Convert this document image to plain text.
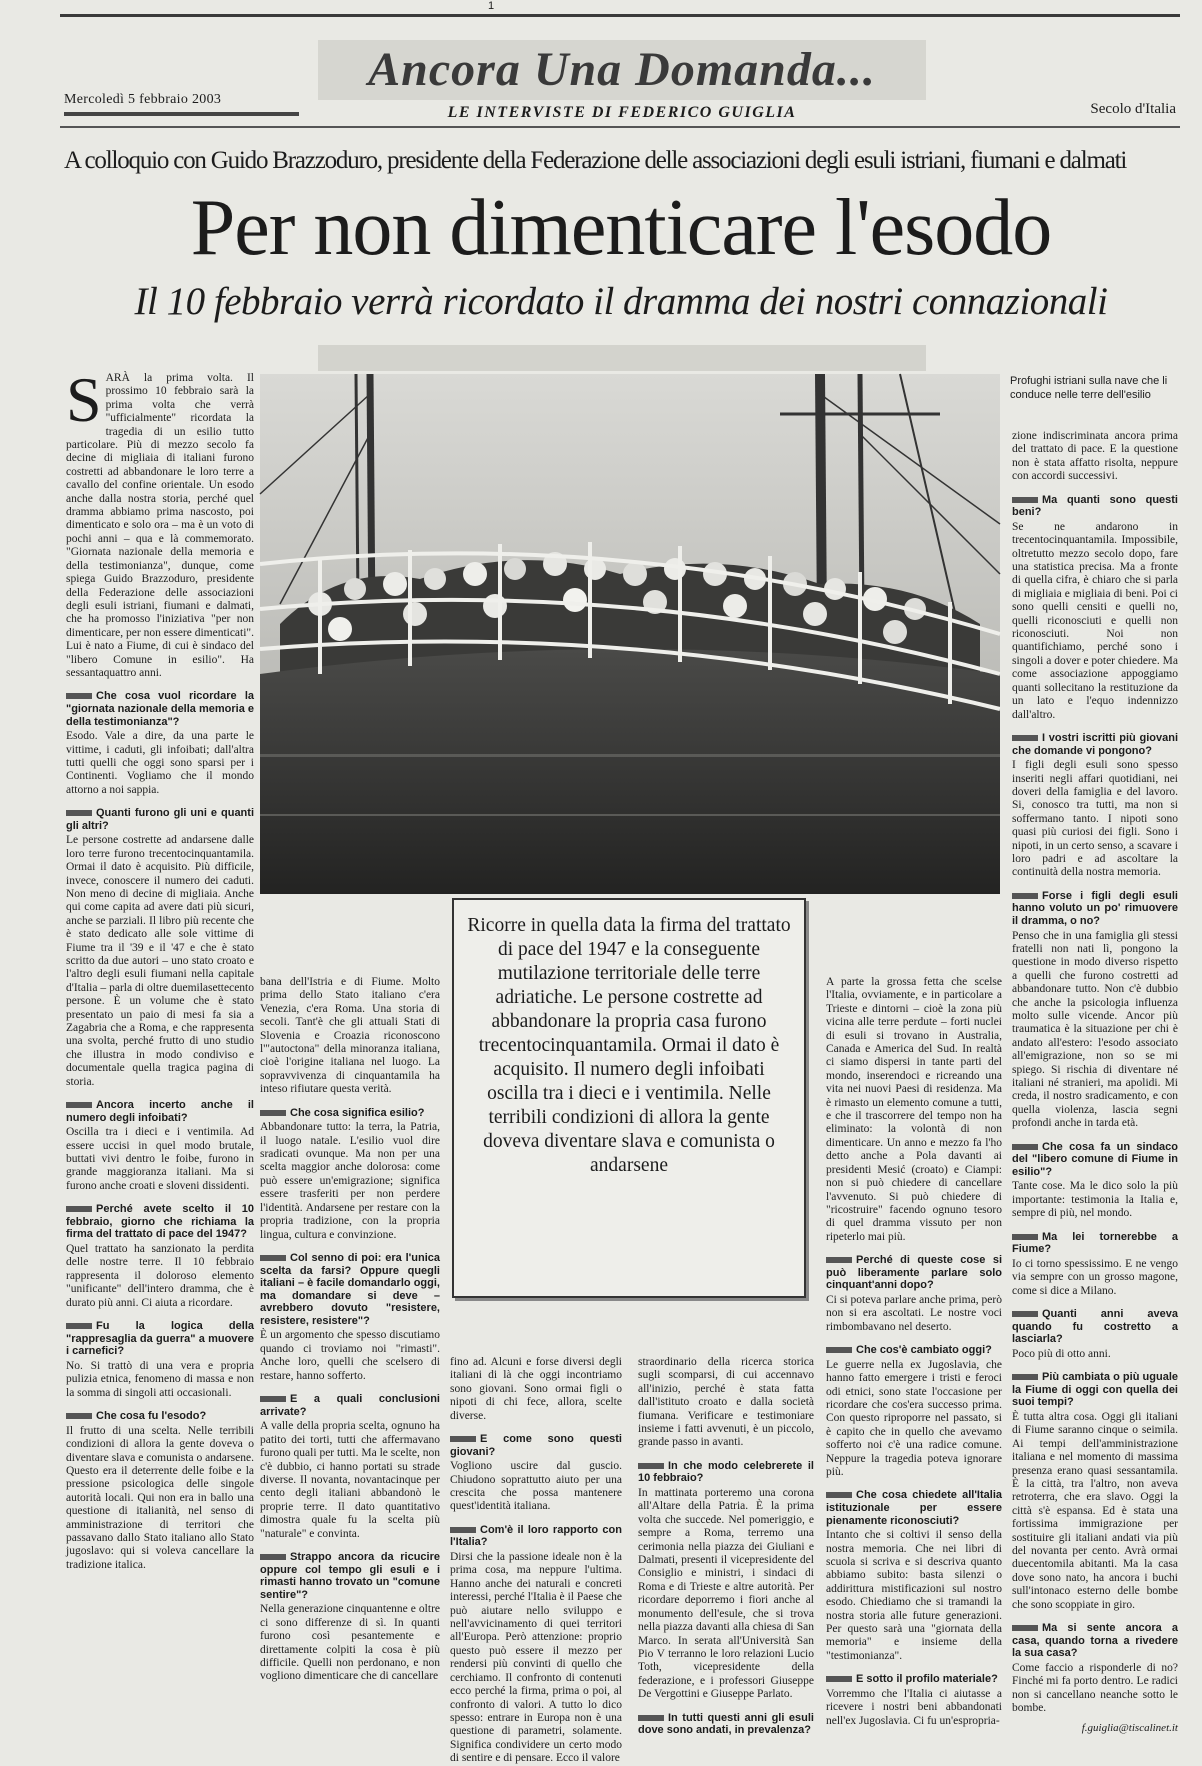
1
Mercoledì 5 febbraio 2003
Ancora Una Domanda...
LE INTERVISTE DI FEDERICO GUIGLIA	Secolo d'Italia
A colloquio con Guido Brazzoduro, presidente della Federazione delle associazioni degli esuli istriani, fiumani e dalmati
Per non dimenticare l'esodo
Il 10 febbraio verrà ricordato il dramma dei nostri connazionali
Profughi istriani sulla nave che li conduce nelle terre dell'esilio
Ricorre in quella data la firma del trattato di pace del 1947 e la conseguente mutilazione territoriale delle terre adriatiche. Le persone costrette ad abbandonare la propria casa furono trecentocinquantamila. Ormai il dato è acquisito. Il numero degli infoibati oscilla tra i dieci e i ventimila. Nelle terribili condizioni di allora la gente doveva diventare slava e comunista o andarsene
S ARÀ la prima volta. Il prossimo 10 febbraio sarà la prima volta che verrà "ufficialmente" ricordata la tragedia di un esilio tutto particolare. Più di mezzo secolo fa decine di migliaia di italiani furono costretti ad abbandonare le loro terre a cavallo del confine orientale. Un esodo anche dalla nostra storia, perché quel dramma abbiamo prima nascosto, poi dimenticato e solo ora – ma è un voto di pochi anni – qua e là commemorato. "Giornata nazionale della memoria e della testimonianza", dunque, come spiega Guido Brazzoduro, presidente della Federazione delle associazioni degli esuli istriani, fiumani e dalmati, che ha promosso l'iniziativa "per non dimenticare, per non essere dimenticati". Lui è nato a Fiume, di cui è sindaco del "libero Comune in esilio". Ha sessantaquattro anni.

Che cosa vuol ricordare la "giornata nazionale della memoria e della testimonianza"?

Esodo. Vale a dire, da una parte le vittime, i caduti, gli infoibati; dall'altra tutti quelli che oggi sono sparsi per i Continenti. Vogliamo che il mondo attorno a noi sappia.

Quanti furono gli uni e quanti gli altri?

Le persone costrette ad andarsene dalle loro terre furono trecentocinquantamila. Ormai il dato è acquisito. Più difficile, invece, conoscere il numero dei caduti. Non meno di decine di migliaia. Anche qui come capita ad avere dati più sicuri, anche se parziali. Il libro più recente che è stato dedicato alle sole vittime di Fiume tra il '39 e il '47 e che è stato scritto da due autori – uno stato croato e l'altro degli esuli fiumani nella capitale d'Italia – parla di oltre duemilasettecento persone. È un volume che è stato presentato un paio di mesi fa sia a Zagabria che a Roma, e che rappresenta una svolta, perché frutto di uno studio che illustra in modo condiviso e documentale quella tragica pagina di storia.

Ancora incerto anche il numero degli infoibati?

Oscilla tra i dieci e i ventimila. Ad essere uccisi in quel modo brutale, buttati vivi dentro le foibe, furono in grande maggioranza italiani. Ma si furono anche croati e sloveni dissidenti.

Perché avete scelto il 10 febbraio, giorno che richiama la firma del trattato di pace del 1947?

Quel trattato ha sanzionato la perdita delle nostre terre. Il 10 febbraio rappresenta il doloroso elemento "unificante" dell'intero dramma, che è durato più anni. Ci aiuta a ricordare.

Fu la logica della "rappresaglia da guerra" a muovere i carnefici?

No. Si trattò di una vera e propria pulizia etnica, fenomeno di massa e non la somma di singoli atti occasionali.

Che cosa fu l'esodo?

Il frutto di una scelta. Nelle terribili condizioni di allora la gente doveva o diventare slava e comunista o andarsene. Questo era il deterrente delle foibe e la pressione psicologica delle singole autorità locali. Qui non era in ballo una questione di italianità, nel senso di amministrazione di territori che passavano dallo Stato italiano allo Stato jugoslavo: qui si voleva cancellare la tradizione italica.

bana dell'Istria e di Fiume. Molto prima dello Stato italiano c'era Venezia, c'era Roma. Una storia di secoli. Tant'è che gli attuali Stati di Slovenia e Croazia riconoscono l'"autoctona" della minoranza italiana, cioè l'origine italiana nel luogo. La sopravvivenza di cinquantamila ha inteso rifiutare questa verità.

Che cosa significa esilio?

Abbandonare tutto: la terra, la Patria, il luogo natale. L'esilio vuol dire sradicati ovunque. Ma non per una scelta maggior anche dolorosa: come può essere un'emigrazione; significa essere trasferiti per non perdere l'identità. Andarsene per restare con la propria tradizione, con la propria lingua, cultura e convinzione.

Col senno di poi: era l'unica scelta da farsi? Oppure quegli italiani – è facile domandarlo oggi, ma domandare si deve – avrebbero dovuto "resistere, resistere, resistere"?

È un argomento che spesso discutiamo quando ci troviamo noi "rimasti". Anche loro, quelli che scelsero di restare, hanno sofferto.

E a quali conclusioni arrivate?

A valle della propria scelta, ognuno ha patito dei torti, tutti che affermavano furono quali per tutti. Ma le scelte, non c'è dubbio, ci hanno portati su strade diverse. Il novanta, novantacinque per cento degli italiani abbandonò le proprie terre. Il dato quantitativo dimostra quale fu la scelta più "naturale" e convinta.

Strappo ancora da ricucire oppure col tempo gli esuli e i rimasti hanno trovato un "comune sentire"?

Nella generazione cinquantenne e oltre ci sono differenze di sì. In quanti furono così pesantemente e direttamente colpiti la cosa è più difficile. Quelli non perdonano, e non vogliono dimenticare che di cancellare

fino ad. Alcuni e forse diversi degli italiani di là che oggi incontriamo sono giovani. Sono ormai figli o nipoti di chi fece, allora, scelte diverse.

E come sono questi giovani?

Vogliono uscire dal guscio. Chiudono soprattutto aiuto per una crescita che possa mantenere quest'identità italiana.

Com'è il loro rapporto con l'Italia?

Dirsi che la passione ideale non è la prima cosa, ma neppure l'ultima. Hanno anche dei naturali e concreti interessi, perché l'Italia è il Paese che può aiutare nello sviluppo e nell'avvicinamento di quei territori all'Europa. Però attenzione: proprio questo può essere il mezzo per rendersi più convinti di quello che cerchiamo. Il confronto di contenuti ecco perché la firma, prima o poi, al confronto di valori. A tutto lo dico spesso: entrare in Europa non è una questione di parametri, solamente. Significa condividere un certo modo di sentire e di pensare. Ecco il valore

straordinario della ricerca storica sugli scomparsi, di cui accennavo all'inizio, perché è stata fatta dall'istituto croato e dalla società fiumana. Verificare e testimoniare insieme i fatti avvenuti, è un piccolo, grande passo in avanti.

In che modo celebrerete il 10 febbraio?

In mattinata porteremo una corona all'Altare della Patria. È la prima volta che succede. Nel pomeriggio, e sempre a Roma, terremo una cerimonia nella piazza dei Giuliani e Dalmati, presenti il vicepresidente del Consiglio e ministri, i sindaci di Roma e di Trieste e altre autorità. Per ricordare deporremo i fiori anche al monumento dell'esule, che si trova nella piazza davanti alla chiesa di San Marco. In serata all'Università San Pio V terranno le loro relazioni Lucio Toth, vicepresidente della federazione, e i professori Giuseppe De Vergottini e Giuseppe Parlato.

In tutti questi anni gli esuli dove sono andati, in prevalenza?

A parte la grossa fetta che scelse l'Italia, ovviamente, e in particolare a Trieste e dintorni – cioè la zona più vicina alle terre perdute – forti nuclei di esuli si trovano in Australia, Canada e America del Sud. In realtà ci siamo dispersi in tante parti del mondo, inserendoci e ricreando una vita nei nuovi Paesi di residenza. Ma è rimasto un elemento comune a tutti, e che il trascorrere del tempo non ha eliminato: la volontà di non dimenticare. Un anno e mezzo fa l'ho detto anche a Pola davanti ai presidenti Mesić (croato) e Ciampi: non si può chiedere di cancellare l'avvenuto. Si può chiedere di "ricostruire" facendo ognuno tesoro di quel dramma vissuto per non ripeterlo mai più.

Perché di queste cose si può liberamente parlare solo cinquant'anni dopo?

Ci si poteva parlare anche prima, però non si era ascoltati. Le nostre voci rimbombavano nel deserto.

Che cos'è cambiato oggi?

Le guerre nella ex Jugoslavia, che hanno fatto emergere i tristi e feroci odi etnici, sono state l'occasione per ricordare che cos'era successo prima. Con questo riproporre nel passato, si è capito che in quello che avevamo sofferto noi c'è una radice comune. Neppure la tragedia poteva ignorare più.

Che cosa chiedete all'Italia istituzionale per essere pienamente riconosciuti?

Intanto che si coltivi il senso della nostra memoria. Che nei libri di scuola si scriva e si descriva quanto abbiamo subito: basta silenzi o addirittura mistificazioni sul nostro esodo. Chiediamo che si tramandi la nostra storia alle future generazioni. Per questo sarà una "giornata della memoria" e insieme della "testimonianza".

E sotto il profilo materiale?

Vorremmo che l'Italia ci aiutasse a ricevere i nostri beni abbandonati nell'ex Jugoslavia. Ci fu un'espropria-

zione indiscriminata ancora prima del trattato di pace. E la questione non è stata affatto risolta, neppure con accordi successivi.

Ma quanti sono questi beni?

Se ne andarono in trecentocinquantamila. Impossibile, oltretutto mezzo secolo dopo, fare una statistica precisa. Ma a fronte di quella cifra, è chiaro che si parla di migliaia e migliaia di beni. Poi ci sono quelli censiti e quelli no, quelli riconosciuti e quelli non riconosciuti. Noi non quantifichiamo, perché sono i singoli a dover e poter chiedere. Ma come associazione appoggiamo quanti sollecitano la restituzione da un lato e l'equo indennizzo dall'altro.

I vostri iscritti più giovani che domande vi pongono?

I figli degli esuli sono spesso inseriti negli affari quotidiani, nei doveri della famiglia e del lavoro. Si, conosco tra tutti, ma non si soffermano tanto. I nipoti sono quasi più curiosi dei figli. Sono i nipoti, in un certo senso, a scavare i loro padri e ad ascoltare la continuità della nostra memoria.

Forse i figli degli esuli hanno voluto un po' rimuovere il dramma, o no?

Penso che in una famiglia gli stessi fratelli non nati lì, pongono la questione in modo diverso rispetto a quelli che furono costretti ad abbandonare tutto. Non c'è dubbio che anche la psicologia influenza molto sulle vicende. Ancor più traumatica è la situazione per chi è andato all'estero: l'esodo associato all'emigrazione, non so se mi spiego. Si rischia di diventare né italiani né stranieri, ma apolidi. Mi creda, il nostro sradicamento, e con quella violenza, lascia segni profondi anche in tarda età.

Che cosa fa un sindaco del "libero comune di Fiume in esilio"?

Tante cose. Ma le dico solo la più importante: testimonia la Italia e, sempre di più, nel mondo.

Ma lei tornerebbe a Fiume?

Io ci torno spessissimo. E ne vengo via sempre con un grosso magone, come si dice a Milano.

Quanti anni aveva quando fu costretto a lasciarla?

Poco più di otto anni.

Più cambiata o più uguale la Fiume di oggi con quella dei suoi tempi?

È tutta altra cosa. Oggi gli italiani di Fiume saranno cinque o seimila. Ai tempi dell'amministrazione italiana e nel momento di massima presenza erano quasi sessantamila. È la città, tra l'altro, non aveva retroterra, che era slavo. Oggi la città s'è espansa. Ed è stata una fortissima immigrazione per sostituire gli italiani andati via più del novanta per cento. Avrà ormai duecentomila abitanti. Ma la casa dove sono nato, ha ancora i buchi sull'intonaco esterno delle bombe che sono scoppiate in giro.

Ma si sente ancora a casa, quando torna a rivedere la sua casa?

Come faccio a risponderle di no? Finché mi fa porto dentro. Le radici non si cancellano neanche sotto le bombe.

f.guiglia@tiscalinet.it
